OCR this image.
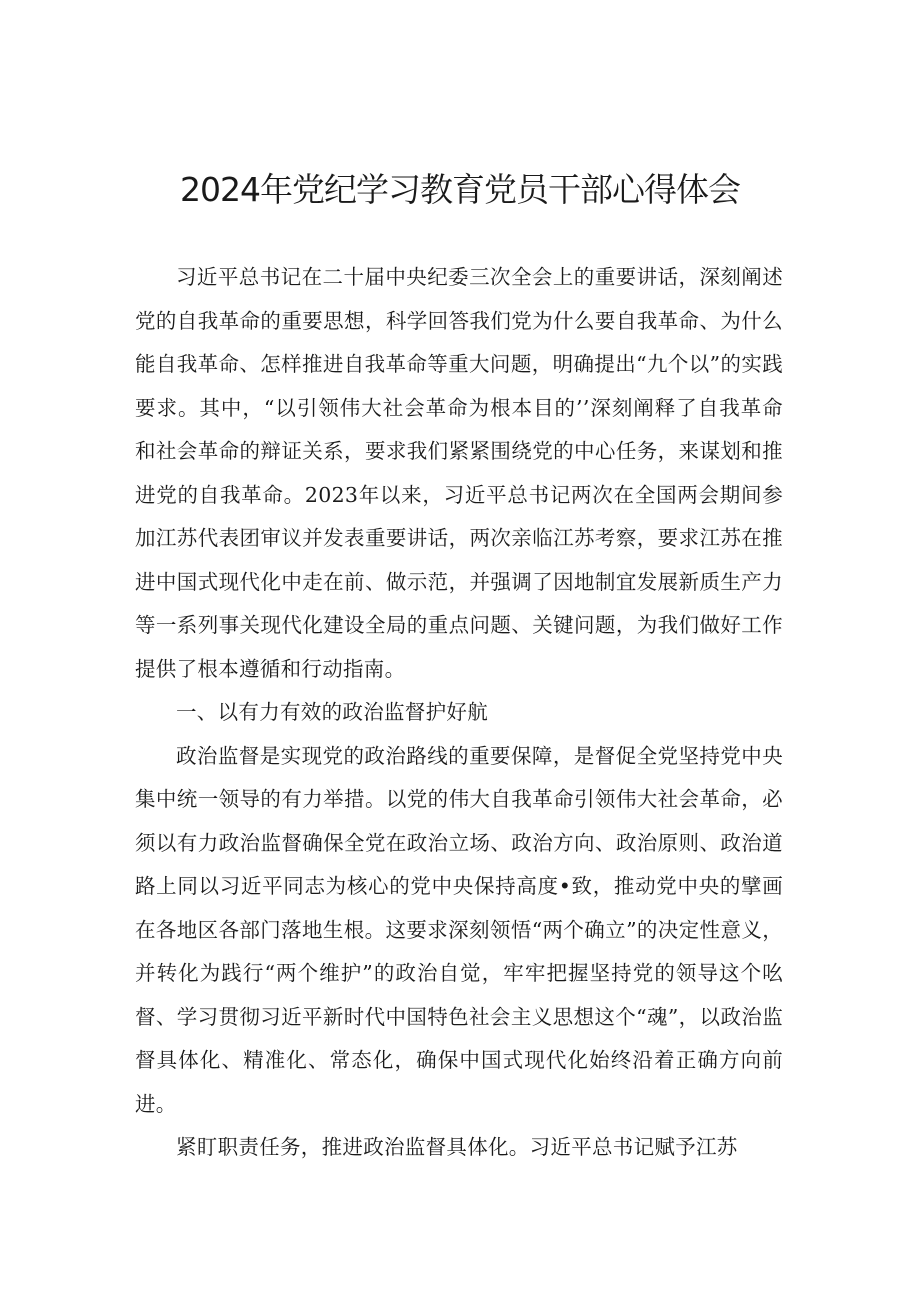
2024年党纪学习教育党员干部心得体会

习近平总书记在二十届中央纪委三次全会上的重要讲话，深刻阐述党的自我革命的重要思想，科学回答我们党为什么要自我革命、为什么能自我革命、怎样推进自我革命等重大问题，明确提出“九个以”的实践要求。其中，“以引领伟大社会革命为根本目的’’深刻阐释了自我革命和社会革命的辩证关系，要求我们紧紧围绕党的中心任务，来谋划和推进党的自我革命。2023年以来，习近平总书记两次在全国两会期间参加江苏代表团审议并发表重要讲话，两次亲临江苏考察，要求江苏在推进中国式现代化中走在前、做示范，并强调了因地制宜发展新质生产力等一系列事关现代化建设全局的重点问题、关键问题，为我们做好工作提供了根本遵循和行动指南。

一、以有力有效的政治监督护好航

政治监督是实现党的政治路线的重要保障，是督促全党坚持党中央集中统一领导的有力举措。以党的伟大自我革命引领伟大社会革命，必须以有力政治监督确保全党在政治立场、政治方向、政治原则、政治道路上同以习近平同志为核心的党中央保持高度•致，推动党中央的擘画在各地区各部门落地生根。这要求深刻领悟“两个确立”的决定性意义，并转化为践行“两个维护”的政治自觉，牢牢把握坚持党的领导这个吆督、学习贯彻习近平新时代中国特色社会主义思想这个“魂”，以政治监督具体化、精准化、常态化，确保中国式现代化始终沿着正确方向前进。

紧盯职责任务，推进政治监督具体化。习近平总书记赋予江苏
